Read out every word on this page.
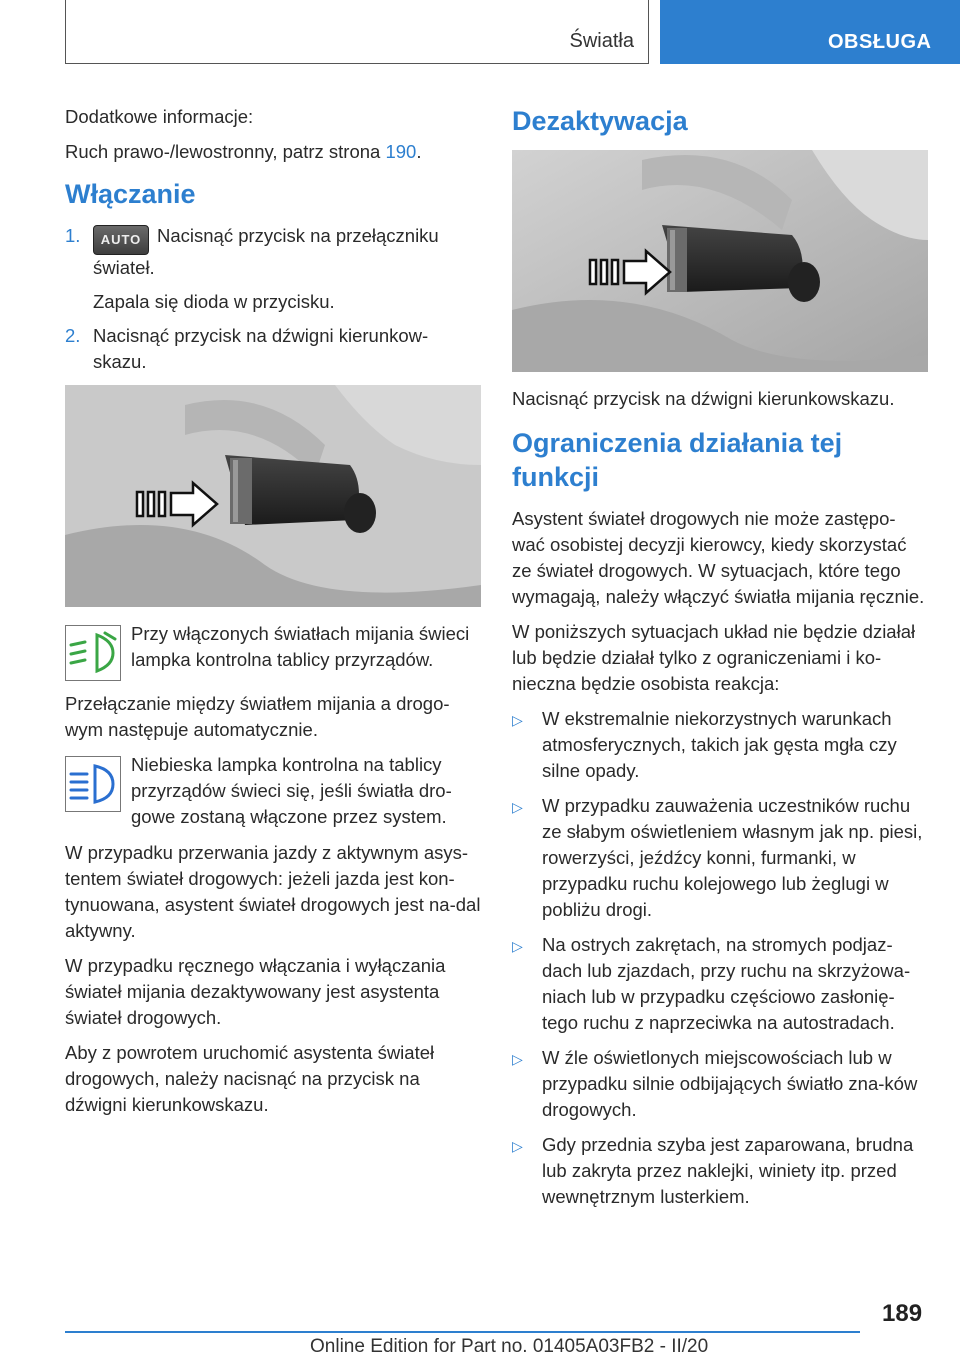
Światła	OBSŁUGA

Dodatkowe informacje:

Ruch prawo-/lewostronny, patrz strona 190.

Włączanie
1.	AUTO Nacisnąć przycisk na przełączniku świateł.
Zapala się dioda w przycisku.
2. Nacisnąć przycisk na dźwigni kierunkow-skazu.
Przy włączonych światłach mijania świeci lampka kontrolna tablicy przyrządów.

Przełączanie między światłem mijania a drogo-wym następuje automatycznie.

Niebieska lampka kontrolna na tablicy przyrządów świeci się, jeśli światła dro-gowe zostaną włączone przez system.

W przypadku przerwania jazdy z aktywnym asys-tentem świateł drogowych: jeżeli jazda jest kon-tynuowana, asystent świateł drogowych jest na-dal aktywny.

W przypadku ręcznego włączania i wyłączania świateł mijania dezaktywowany jest asystenta świateł drogowych.

Aby z powrotem uruchomić asystenta świateł drogowych, należy nacisnąć na przycisk na dźwigni kierunkowskazu.

Dezaktywacja

Nacisnąć przycisk na dźwigni kierunkowskazu.

Ograniczenia działania tej funkcji

Asystent świateł drogowych nie może zastępo-wać osobistej decyzji kierowcy, kiedy skorzystać ze świateł drogowych. W sytuacjach, które tego wymagają, należy włączyć światła mijania ręcznie.

W poniższych sytuacjach układ nie będzie działał lub będzie działał tylko z ograniczeniami i ko-nieczna będzie osobista reakcja:

▷	W ekstremalnie niekorzystnych warunkach atmosferycznych, takich jak gęsta mgła czy silne opady.
▷	W przypadku zauważenia uczestników ruchu ze słabym oświetleniem własnym jak np. piesi, rowerzyści, jeźdźcy konni, furmanki, w przypadku ruchu kolejowego lub żeglugi w pobliżu drogi.
▷	Na ostrych zakrętach, na stromych podjaz-dach lub zjazdach, przy ruchu na skrzyżowa-niach lub w przypadku częściowo zasłonię-tego ruchu z naprzeciwka na autostradach.
▷	W źle oświetlonych miejscowościach lub w przypadku silnie odbijających światło zna-ków drogowych.
▷	Gdy przednia szyba jest zaparowana, brudna lub zakryta przez naklejki, winiety itp. przed wewnętrznym lusterkiem.
189
Online Edition for Part no. 01405A03FB2 - II/20
